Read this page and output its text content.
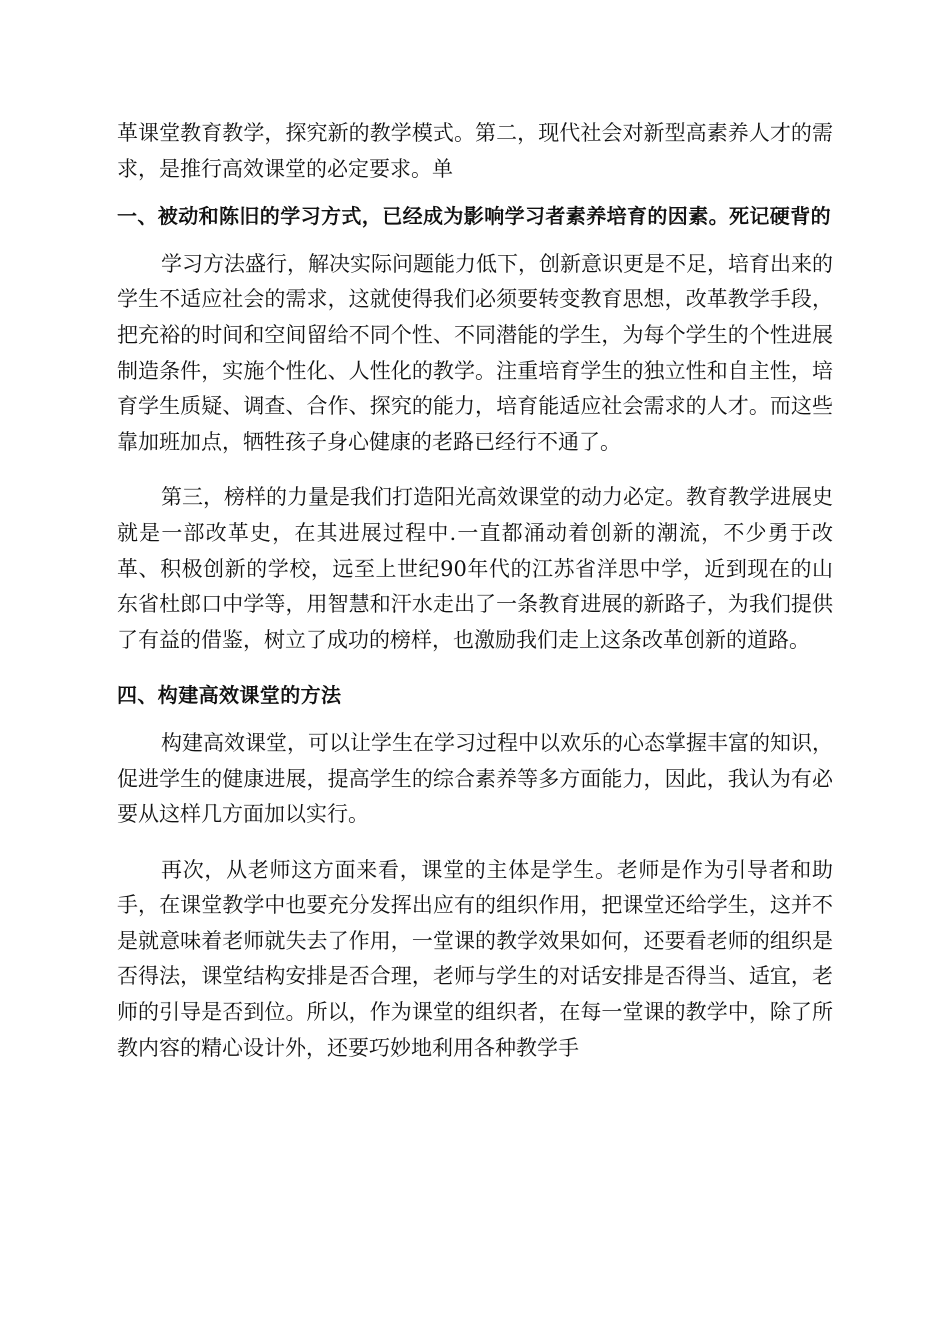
革课堂教育教学，探究新的教学模式。第二，现代社会对新型高素养人才的需求，是推行高效课堂的必定要求。单

一、被动和陈旧的学习方式，已经成为影响学习者素养培育的因素。死记硬背的

学习方法盛行，解决实际问题能力低下，创新意识更是不足，培育出来的学生不适应社会的需求，这就使得我们必须要转变教育思想，改革教学手段，把充裕的时间和空间留给不同个性、不同潜能的学生，为每个学生的个性进展制造条件，实施个性化、人性化的教学。注重培育学生的独立性和自主性，培育学生质疑、调查、合作、探究的能力，培育能适应社会需求的人才。而这些靠加班加点，牺牲孩子身心健康的老路已经行不通了。

第三，榜样的力量是我们打造阳光高效课堂的动力必定。教育教学进展史就是一部改革史，在其进展过程中.一直都涌动着创新的潮流，不少勇于改革、积极创新的学校，远至上世纪90年代的江苏省洋思中学，近到现在的山东省杜郎口中学等，用智慧和汗水走出了一条教育进展的新路子，为我们提供了有益的借鉴，树立了成功的榜样，也激励我们走上这条改革创新的道路。

四、构建高效课堂的方法

构建高效课堂，可以让学生在学习过程中以欢乐的心态掌握丰富的知识，促进学生的健康进展，提高学生的综合素养等多方面能力，因此，我认为有必要从这样几方面加以实行。

再次，从老师这方面来看，课堂的主体是学生。老师是作为引导者和助手，在课堂教学中也要充分发挥出应有的组织作用，把课堂还给学生，这并不是就意味着老师就失去了作用，一堂课的教学效果如何，还要看老师的组织是否得法，课堂结构安排是否合理，老师与学生的对话安排是否得当、适宜，老师的引导是否到位。所以，作为课堂的组织者，在每一堂课的教学中，除了所教内容的精心设计外，还要巧妙地利用各种教学手
